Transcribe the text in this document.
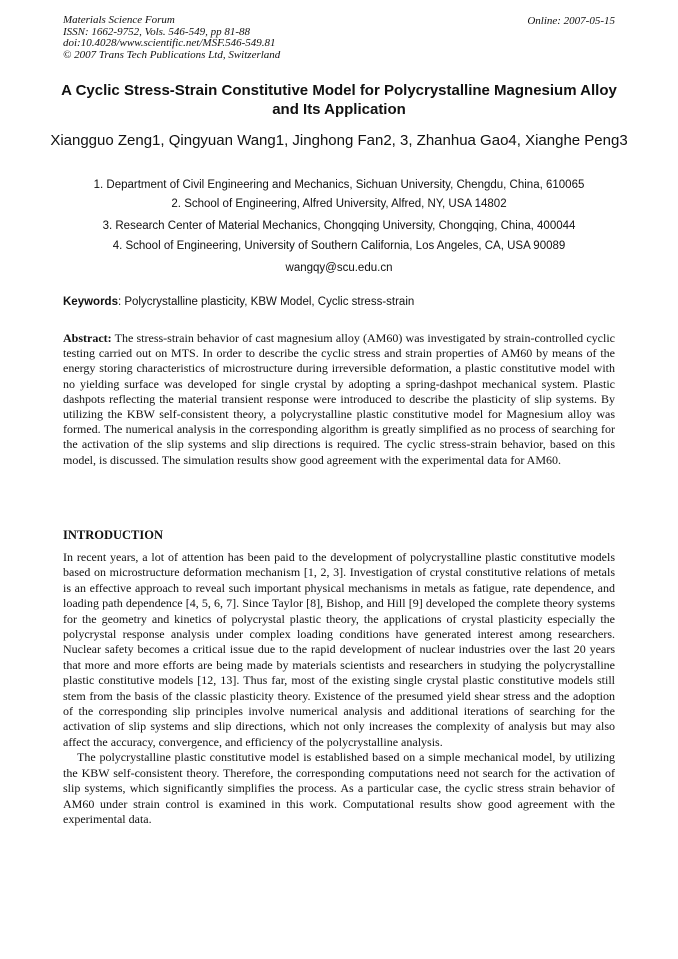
Materials Science Forum
ISSN: 1662-9752, Vols. 546-549, pp 81-88
doi:10.4028/www.scientific.net/MSF.546-549.81
© 2007 Trans Tech Publications Ltd, Switzerland
Online: 2007-05-15
A Cyclic Stress-Strain Constitutive Model for Polycrystalline Magnesium Alloy and Its Application
Xiangguo Zeng1, Qingyuan Wang1, Jinghong Fan2, 3, Zhanhua Gao4, Xianghe Peng3
1. Department of Civil Engineering and Mechanics, Sichuan University, Chengdu, China, 610065
2. School of Engineering, Alfred University, Alfred, NY, USA 14802
3. Research Center of Material Mechanics, Chongqing University, Chongqing, China, 400044
4. School of Engineering, University of Southern California, Los Angeles, CA, USA 90089
wangqy@scu.edu.cn
Keywords: Polycrystalline plasticity, KBW Model, Cyclic stress-strain
Abstract: The stress-strain behavior of cast magnesium alloy (AM60) was investigated by strain-controlled cyclic testing carried out on MTS. In order to describe the cyclic stress and strain properties of AM60 by means of the energy storing characteristics of microstructure during irreversible deformation, a plastic constitutive model with no yielding surface was developed for single crystal by adopting a spring-dashpot mechanical system. Plastic dashpots reflecting the material transient response were introduced to describe the plasticity of slip systems. By utilizing the KBW self-consistent theory, a polycrystalline plastic constitutive model for Magnesium alloy was formed. The numerical analysis in the corresponding algorithm is greatly simplified as no process of searching for the activation of the slip systems and slip directions is required. The cyclic stress-strain behavior, based on this model, is discussed. The simulation results show good agreement with the experimental data for AM60.
INTRODUCTION

In recent years, a lot of attention has been paid to the development of polycrystalline plastic constitutive models based on microstructure deformation mechanism [1, 2, 3]. Investigation of crystal constitutive relations of metals is an effective approach to reveal such important physical mechanisms in metals as fatigue, rate dependence, and loading path dependence [4, 5, 6, 7]. Since Taylor [8], Bishop, and Hill [9] developed the complete theory systems for the geometry and kinetics of polycrystal plastic theory, the applications of crystal plasticity especially the polycrystal response analysis under complex loading conditions have generated interest among researchers. Nuclear safety becomes a critical issue due to the rapid development of nuclear industries over the last 20 years that more and more efforts are being made by materials scientists and researchers in studying the polycrystalline plastic constitutive models [12, 13]. Thus far, most of the existing single crystal plastic constitutive models still stem from the basis of the classic plasticity theory. Existence of the presumed yield shear stress and the adoption of the corresponding slip principles involve numerical analysis and additional iterations of searching for the activation of slip systems and slip directions, which not only increases the complexity of analysis but may also affect the accuracy, convergence, and efficiency of the polycrystalline analysis.

The polycrystalline plastic constitutive model is established based on a simple mechanical model, by utilizing the KBW self-consistent theory. Therefore, the corresponding computations need not search for the activation of slip systems, which significantly simplifies the process. As a particular case, the cyclic stress strain behavior of AM60 under strain control is examined in this work. Computational results show good agreement with the experimental data.
